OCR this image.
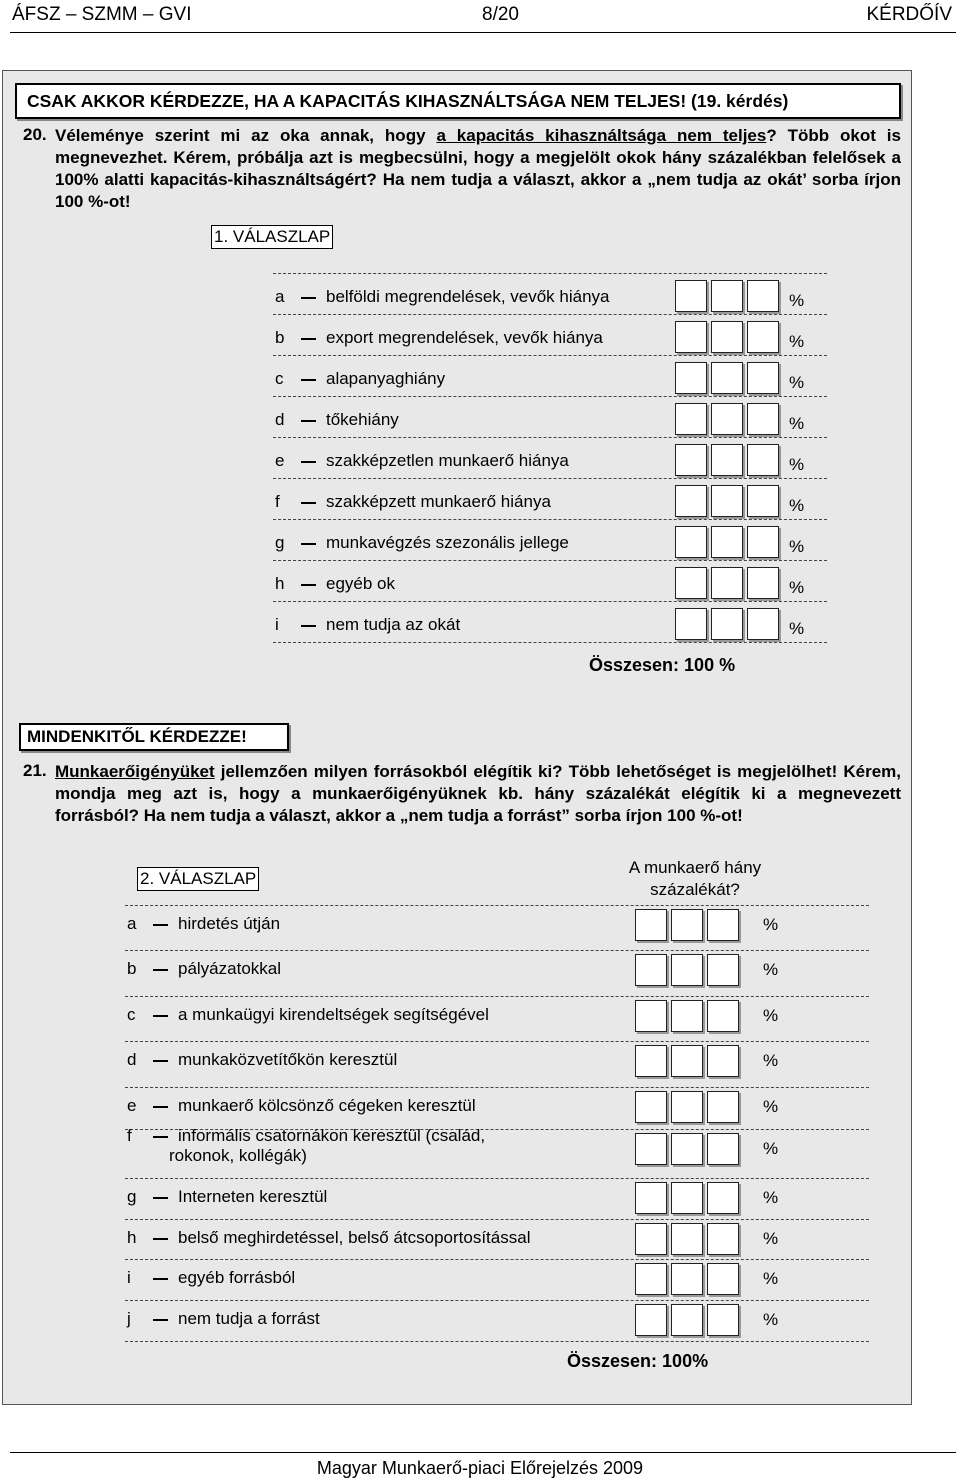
ÁFSZ – SZMM – GVI	8/20	KÉRDŐÍV
CSAK AKKOR KÉRDEZZE, HA A KAPACITÁS KIHASZNÁLTSÁGA NEM TELJES! (19. kérdés)
20. Véleménye szerint mi az oka annak, hogy a kapacitás kihasználtsága nem teljes? Több okot is megnevezhet. Kérem, próbálja azt is megbecsülni, hogy a megjelölt okok hány százalékban felelősek a 100% alatti kapacitás-kihasználtságért? Ha nem tudja a választ, akkor a „nem tudja az okát’ sorba írjon 100 %-ot!
1. VÁLASZLAP
Összesen: 100 %
MINDENKITŐL KÉRDEZZE!
21. Munkaerőigényüket jellemzően milyen forrásokból elégítik ki? Több lehetőséget is megjelölhet! Kérem, mondja meg azt is, hogy a munkaerőigényüknek kb. hány százalékát elégítik ki a megnevezett forrásból? Ha nem tudja a választ, akkor a „nem tudja a forrást” sorba írjon 100 %-ot!
2. VÁLASZLAP
A munkaerő hány százalékát?
Összesen: 100%
a belföldi megrendelések, vevők hiánya	%
b export megrendelések, vevők hiánya	%
c	alapanyaghiány	%
d tőkehiány	%
e szakképzetlen munkaerő hiánya	%
f	szakképzett munkaerő hiánya	%
g munkavégzés szezonális jellege	%
h egyéb ok	%
i	nem tudja az okát	%
a hirdetés útján	%
b pályázatokkal	%
c	a munkaügyi kirendeltségek segítségével	%
d munkaközvetítőkön keresztül	%
e munkaerő kölcsönző cégeken keresztül	%
f	informális csatornákon keresztül (család,
rokonok, kollégák)	%
g Interneten keresztül	%
h belső meghirdetéssel, belső átcsoportosítással	%
i	egyéb forrásból	%
j	nem tudja a forrást	%
Magyar Munkaerő-piaci Előrejelzés 2009
